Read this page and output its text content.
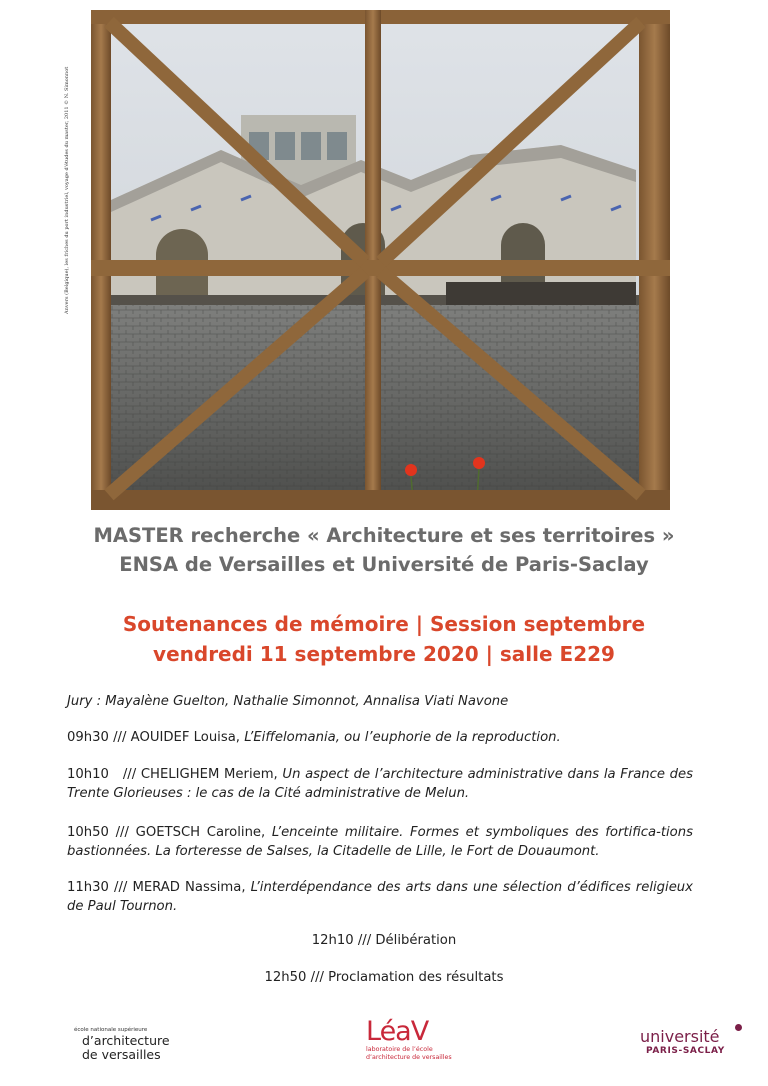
Anvers (Belgique), les friches du port industriel, voyage d'études du master, 2011 © N. Simonnot
MASTER recherche « Architecture et ses territoires »
ENSA de Versailles et Université de Paris-Saclay
Soutenances de mémoire | Session septembre
vendredi 11 septembre 2020 | salle E229
Jury : Mayalène Guelton, Nathalie Simonnot, Annalisa Viati Navone
09h30 /// AOUIDEF Louisa, L’Eiffelomania, ou l’euphorie de la reproduction.
10h10   /// CHELIGHEM Meriem, Un aspect de l’architecture administrative dans la France des Trente Glorieuses : le cas de la Cité administrative de Melun.
10h50 /// GOETSCH Caroline, L’enceinte militaire. Formes et symboliques des fortifica-tions bastionnées. La forteresse de Salses, la Citadelle de Lille, le Fort de Douaumont.
11h30 /// MERAD Nassima, L’interdépendance des arts dans une sélection d’édifices religieux de Paul Tournon.
12h10 /// Délibération
12h50 /// Proclamation des résultats
école nationale supérieure
d’architecture
de versailles
LéaV
laboratoire de l’école
d’architecture de versailles
université
PARIS-SACLAY
